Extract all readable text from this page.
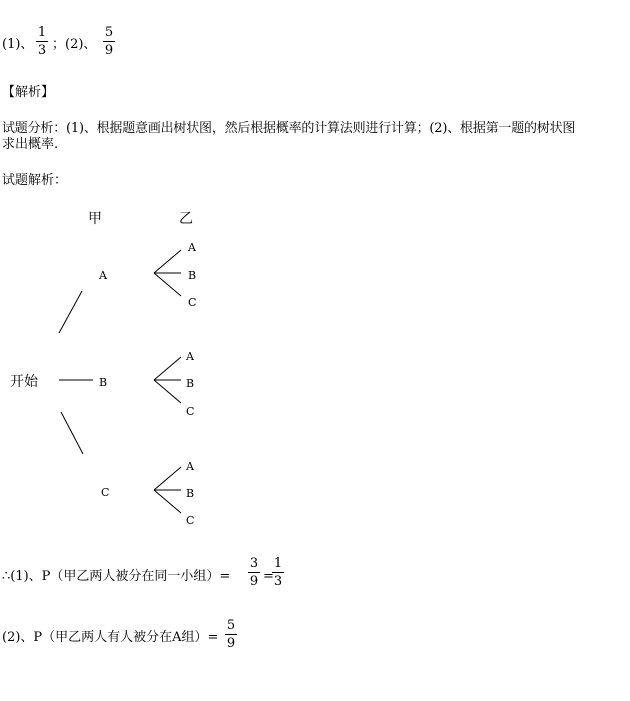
(1)、
1
3 ；(2)、
5
9
【解析】
试题分析：(1)、根据题意画出树状图，然后根据概率的计算法则进行计算；(2)、根据第一题的树状图
求出概率.
试题解析：
甲	乙
开始
A
B
C
A
B
C
A
B
C
A
B
C
∴(1)、P（甲乙两人被分在同一小组）=
3
9 =
1
3
(2)、P（甲乙两人有人被分在A组）=
5
9
